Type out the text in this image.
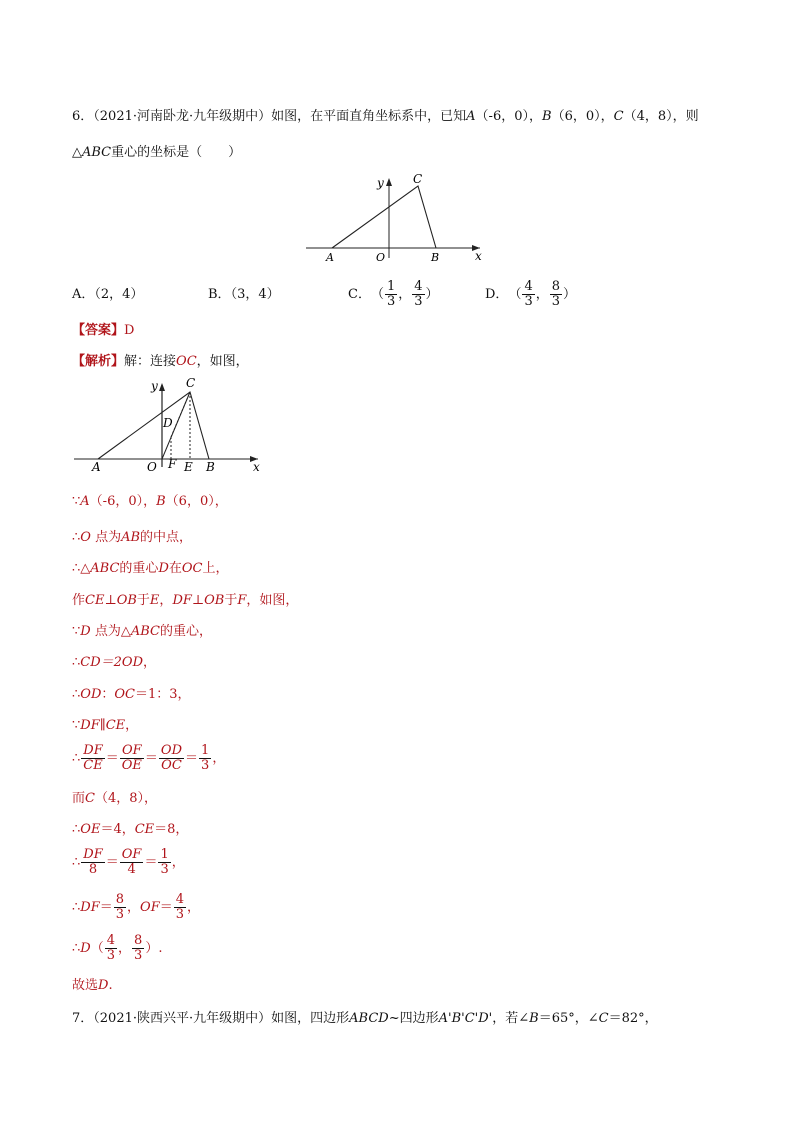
6．（2021·河南卧龙·九年级期中）如图，在平面直角坐标系中，已知A（-6，0），B（6，0），C（4，8），则
△ABC重心的坐标是（　　）
y
x
C
A	O	B
A．（2，4）	B．（3，4）	C．（ $\frac{1}{3}$ ， $\frac{4}{3}$ ）	D．（ $\frac{4}{3}$ ， $\frac{8}{3}$ ）
【答案】D
【解析】解：连接OC，如图，
y
x
C
D
A	O F E B
∵A（-6，0），B（6，0），
∴O 点为AB的中点，
∴△ABC的重心D在OC上，
作CE⊥OB于E，DF⊥OB于F，如图，
∵D 点为△ABC的重心，
∴CD＝2OD，
∴OD：OC＝1：3，
∵DF∥CE，
∴ $\frac{DF}{CE} = \frac{OF}{OE} = \frac{OD}{OC} = \frac{1}{3}$ ，
而C（4，8），
∴OE＝4，CE＝8，
∴ $\frac{DF}{8} = \frac{OF}{4} = \frac{1}{3}$ ，
∴DF＝ $\frac{8}{3}$ ，$OF= \frac{4}{3}$ ，
∴D（ $\frac{4}{3}$ ， $\frac{8}{3}$ ）.
故选D.
7．（2021·陕西兴平·九年级期中）如图，四边形ABCD~四边形A'B'C'D'，若∠B＝65°，∠C＝82°，
